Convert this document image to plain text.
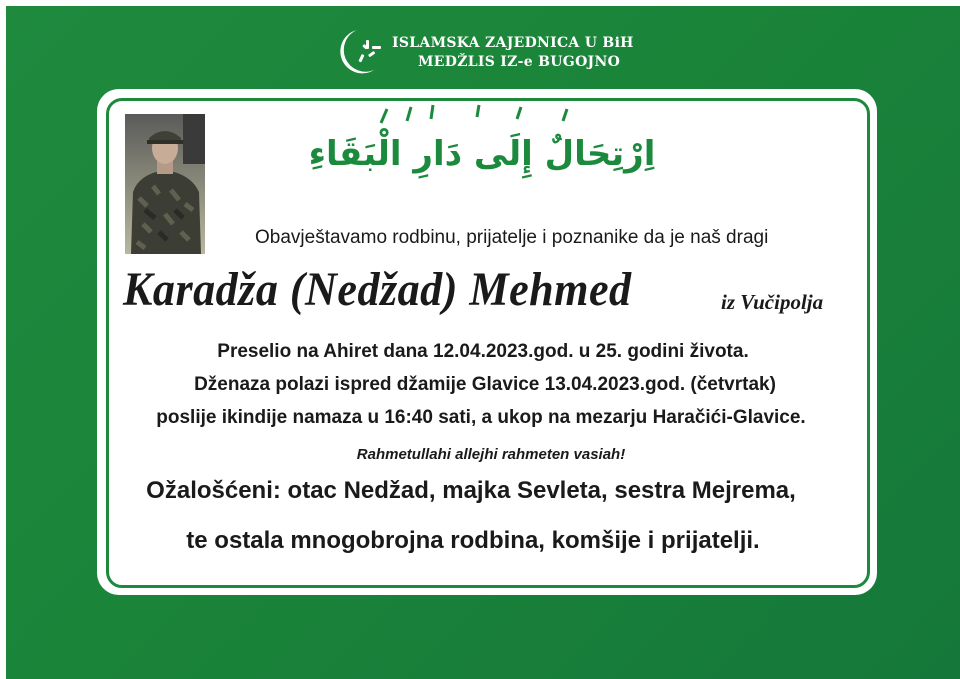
ISLAMSKA ZAJEDNICA U BiH
MEDŽLIS IZ-e BUGOJNO
اِرْتِحَالٌ إِلَى دَارِ الْبَقَاءِ
Obavještavamo rodbinu, prijatelje i poznanike da je naš dragi
Karadža (Nedžad) Mehmed	iz Vučipolja
Preselio na Ahiret dana 12.04.2023.god. u 25. godini života.
Dženaza polazi ispred džamije Glavice 13.04.2023.god. (četvrtak)
poslije ikindije namaza u 16:40 sati, a ukop na mezarju Haračići-Glavice.
Rahmetullahi allejhi rahmeten vasiah!
Ožalošćeni: otac Nedžad, majka Sevleta, sestra Mejrema,
te ostala mnogobrojna rodbina, komšije i prijatelji.
